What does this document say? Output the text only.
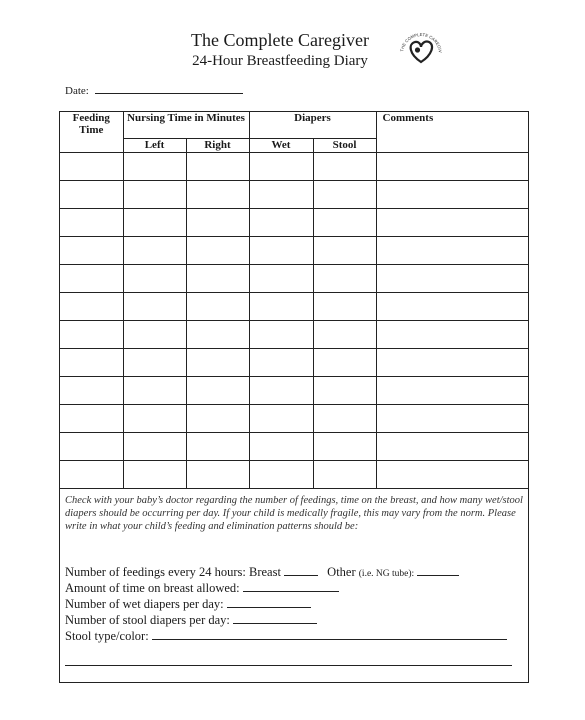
The Complete Caregiver
24-Hour Breastfeeding Diary
THE COMPLETE CAREGIV
Date:
Feeding Time	Nursing Time in Minutes		Diapers		Comments
	Left	Right	Wet	Stool	

Check with your baby’s doctor regarding the number of feedings, time on the breast, and how many wet/stool diapers should be occurring per day. If your child is medically fragile, this may vary from the norm. Please write in what your child’s feeding and elimination patterns should be:
Number of feedings every 24 hours: Breast	Other (i.e. NG tube):
Amount of time on breast allowed:
Number of wet diapers per day:
Number of stool diapers per day:
Stool type/color:
